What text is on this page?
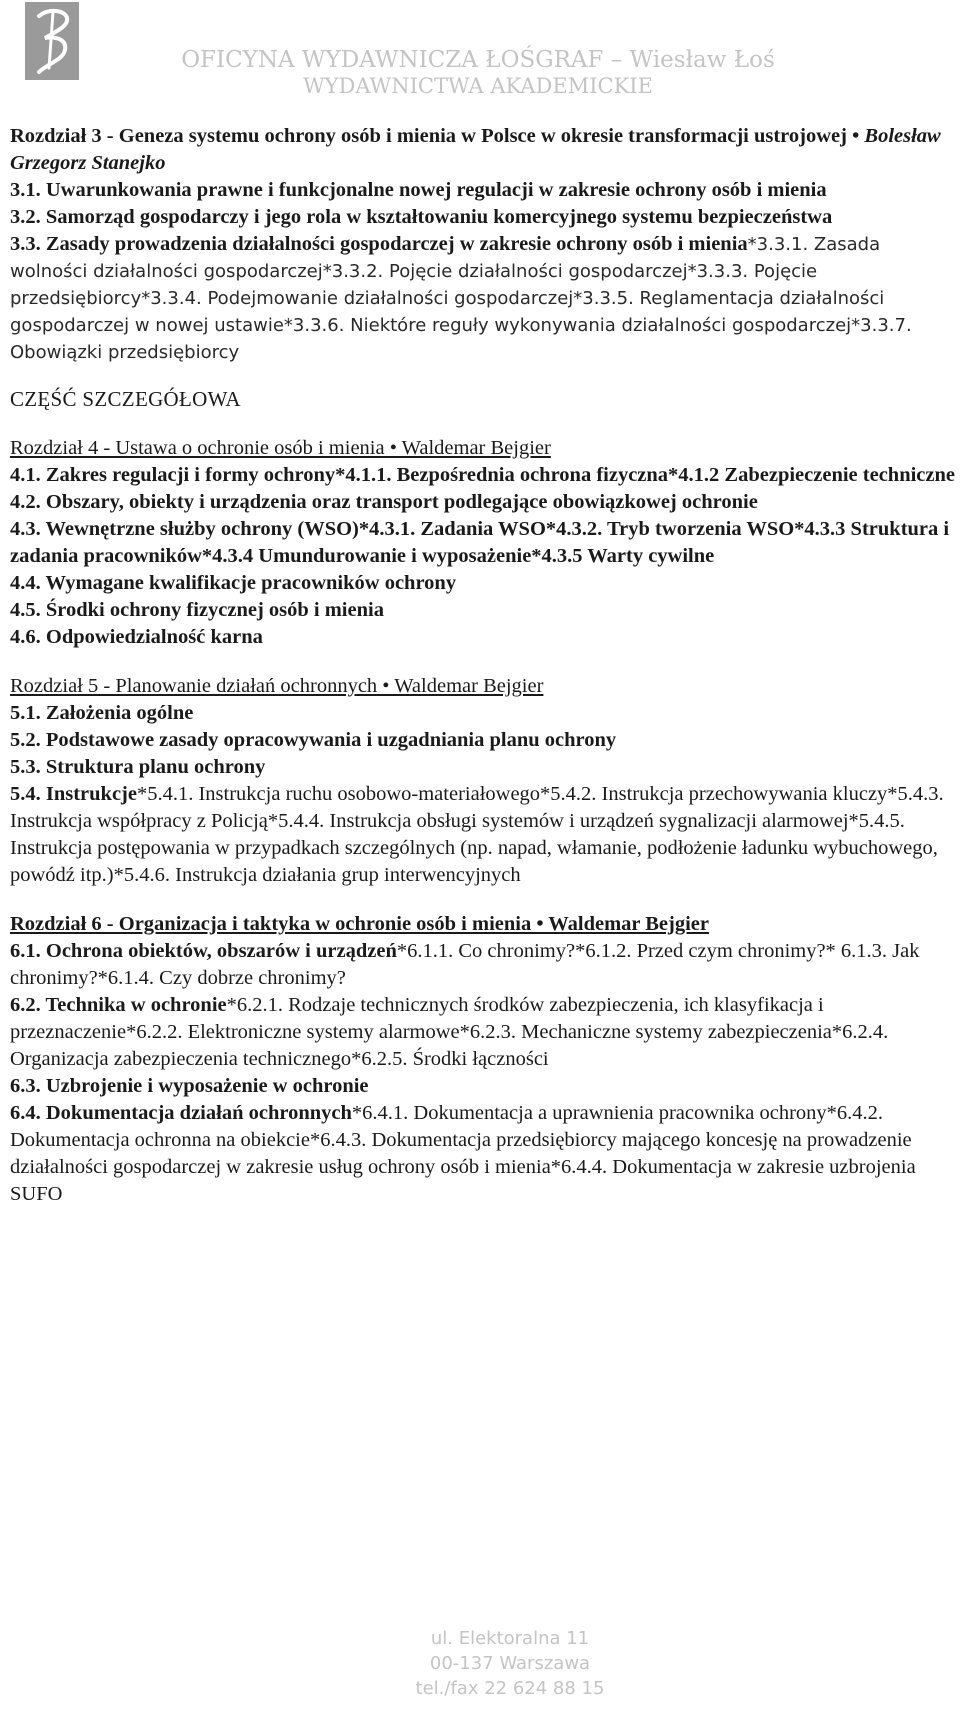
OFICYNA WYDAWNICZA ŁOŚGRAF – Wiesław Łoś
WYDAWNICTWA AKADEMICKIE

Rozdział 3 - Geneza systemu ochrony osób i mienia w Polsce w okresie transformacji ustrojowej • Bolesław Grzegorz Stanejko

3.1. Uwarunkowania prawne i funkcjonalne nowej regulacji w zakresie ochrony osób i mienia

3.2. Samorząd gospodarczy i jego rola w kształtowaniu komercyjnego systemu bezpieczeństwa

3.3. Zasady prowadzenia działalności gospodarczej w zakresie ochrony osób i mienia*3.3.1. Zasada wolności działalności gospodarczej*3.3.2. Pojęcie działalności gospodarczej*3.3.3. Pojęcie przedsiębiorcy*3.3.4. Podejmowanie działalności gospodarczej*3.3.5. Reglamentacja działalności gospodarczej w nowej ustawie*3.3.6. Niektóre reguły wykonywania działalności gospodarczej*3.3.7. Obowiązki przedsiębiorcy

CZĘŚĆ SZCZEGÓŁOWA

Rozdział 4 - Ustawa o ochronie osób i mienia • Waldemar Bejgier

4.1. Zakres regulacji i formy ochrony*4.1.1. Bezpośrednia ochrona fizyczna*4.1.2 Zabezpieczenie techniczne

4.2. Obszary, obiekty i urządzenia oraz transport podlegające obowiązkowej ochronie

4.3. Wewnętrzne służby ochrony (WSO)*4.3.1. Zadania WSO*4.3.2. Tryb tworzenia WSO*4.3.3 Struktura i zadania pracowników*4.3.4 Umundurowanie i wyposażenie*4.3.5 Warty cywilne

4.4. Wymagane kwalifikacje pracowników ochrony

4.5. Środki ochrony fizycznej osób i mienia

4.6. Odpowiedzialność karna

Rozdział 5 - Planowanie działań ochronnych • Waldemar Bejgier

5.1. Założenia ogólne

5.2. Podstawowe zasady opracowywania i uzgadniania planu ochrony

5.3. Struktura planu ochrony

5.4. Instrukcje*5.4.1. Instrukcja ruchu osobowo-materiałowego*5.4.2. Instrukcja przechowywania kluczy*5.4.3. Instrukcja współpracy z Policją*5.4.4. Instrukcja obsługi systemów i urządzeń sygnalizacji alarmowej*5.4.5. Instrukcja postępowania w przypadkach szczególnych (np. napad, włamanie, podłożenie ładunku wybuchowego, powódź itp.)*5.4.6. Instrukcja działania grup interwencyjnych

Rozdział 6 - Organizacja i taktyka w ochronie osób i mienia • Waldemar Bejgier

6.1. Ochrona obiektów, obszarów i urządzeń*6.1.1. Co chronimy?*6.1.2. Przed czym chronimy?* 6.1.3. Jak chronimy?*6.1.4. Czy dobrze chronimy?

6.2. Technika w ochronie*6.2.1. Rodzaje technicznych środków zabezpieczenia, ich klasyfikacja i przeznaczenie*6.2.2. Elektroniczne systemy alarmowe*6.2.3. Mechaniczne systemy zabezpieczenia*6.2.4. Organizacja zabezpieczenia technicznego*6.2.5. Środki łączności

6.3. Uzbrojenie i wyposażenie w ochronie

6.4. Dokumentacja działań ochronnych*6.4.1. Dokumentacja a uprawnienia pracownika ochrony*6.4.2. Dokumentacja ochronna na obiekcie*6.4.3. Dokumentacja przedsiębiorcy mającego koncesję na prowadzenie działalności gospodarczej w zakresie usług ochrony osób i mienia*6.4.4. Dokumentacja w zakresie uzbrojenia SUFO

ul. Elektoralna 11
00-137 Warszawa
tel./fax 22 624 88 15
